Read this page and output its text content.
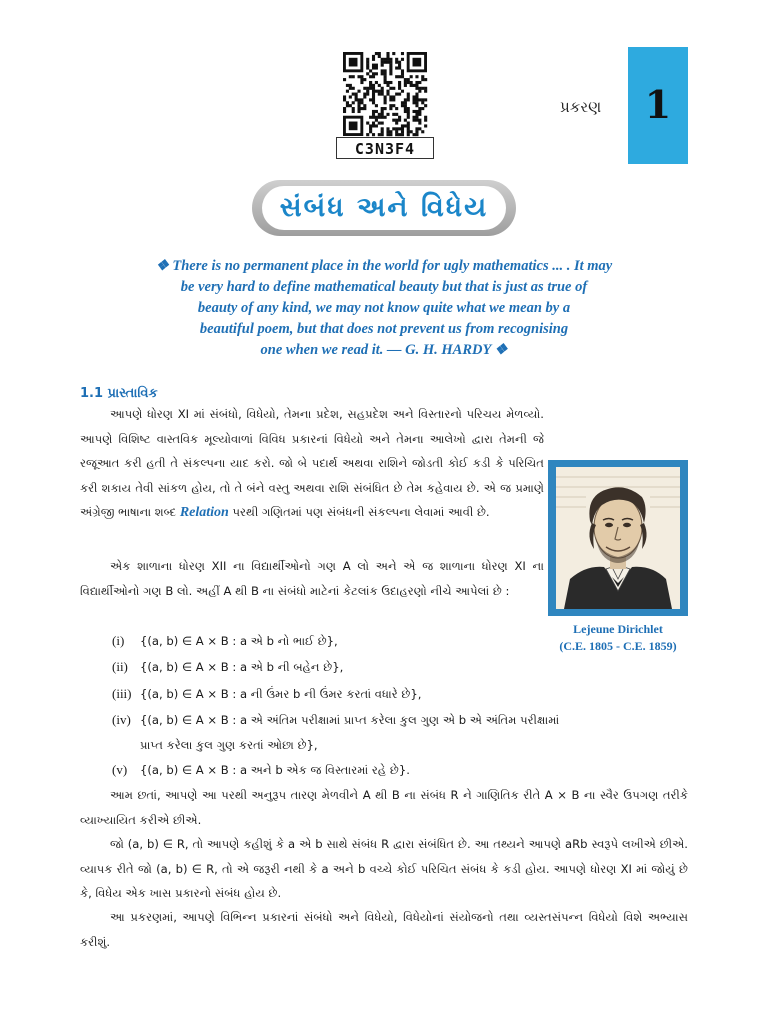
C3N3F4
પ્રકરણ	1
સંબંધ અને વિધેય
❖ There is no permanent place in the world for ugly mathematics ... . It may
be very hard to define mathematical beauty but that is just as true of
beauty of any kind, we may not know quite what we mean by a
beautiful poem, but that does not prevent us from recognising
one when we read it. — G. H. HARDY ❖
1.1 પ્રાસ્તાવિક
આપણે ધોરણ XI માં સંબંધો, વિધેયો, તેમના પ્રદેશ, સહપ્રદેશ અને વિસ્તારનો પરિચય મેળવ્યો. આપણે વિશિષ્ટ વાસ્તવિક મૂલ્યોવાળાં વિવિધ પ્રકારનાં વિધેયો અને તેમના આલેખો દ્વારા તેમની જે રજૂઆત કરી હતી તે સંકલ્પના યાદ કરો. જો બે પદાર્થ અથવા રાશિને જોડતી કોઈ કડી કે પરિચિત કરી શકાય તેવી સાંકળ હોય, તો તે બંને વસ્તુ અથવા રાશિ સંબંધિત છે તેમ કહેવાય છે. એ જ પ્રમાણે અંગ્રેજી ભાષાના શબ્દ Relation પરથી ગણિતમાં પણ સંબંધની સંકલ્પના લેવામાં આવી છે.
એક શાળાના ધોરણ XII ના વિદ્યાર્થીઓનો ગણ A લો અને એ જ શાળાના ધોરણ XI ના વિદ્યાર્થીઓનો ગણ B લો. અહીં A થી B ના સંબંધો માટેનાં કેટલાંક ઉદાહરણો નીચે આપેલાં છે :
Lejeune Dirichlet
(C.E. 1805 - C.E. 1859)
(i) {(a, b) ∈ A × B : a એ b નો ભાઈ છે},
(ii) {(a, b) ∈ A × B : a એ b ની બહેન છે},
(iii) {(a, b) ∈ A × B : a ની ઉંમર b ની ઉંમર કરતાં વધારે છે},
(iv) {(a, b) ∈ A × B : a એ અંતિમ પરીક્ષામાં પ્રાપ્ત કરેલા કુલ ગુણ એ b એ અંતિમ પરીક્ષામાં
પ્રાપ્ત કરેલા કુલ ગુણ કરતાં ઓછા છે},
(v) {(a, b) ∈ A × B : a અને b એક જ વિસ્તારમાં રહે છે}.
આમ છતાં, આપણે આ પરથી અનુરૂપ તારણ મેળવીને A થી B ના સંબંધ R ને ગાણિતિક રીતે A × B ના સ્વૈર ઉપગણ તરીકે વ્યાખ્યાયિત કરીએ છીએ.
જો (a, b) ∈ R, તો આપણે કહીશું કે a એ b સાથે સંબંધ R દ્વારા સંબંધિત છે. આ તથ્યને આપણે aRb સ્વરૂપે લખીએ છીએ. વ્યાપક રીતે જો (a, b) ∈ R, તો એ જરૂરી નથી કે a અને b વચ્ચે કોઈ પરિચિત સંબંધ કે કડી હોય. આપણે ધોરણ XI માં જોયું છે કે, વિધેય એક ખાસ પ્રકારનો સંબંધ હોય છે.
આ પ્રકરણમાં, આપણે વિભિન્ન પ્રકારનાં સંબંધો અને વિધેયો, વિધેયોનાં સંયોજનો તથા વ્યસ્તસંપન્ન વિધેયો વિશે અભ્યાસ કરીશું.
